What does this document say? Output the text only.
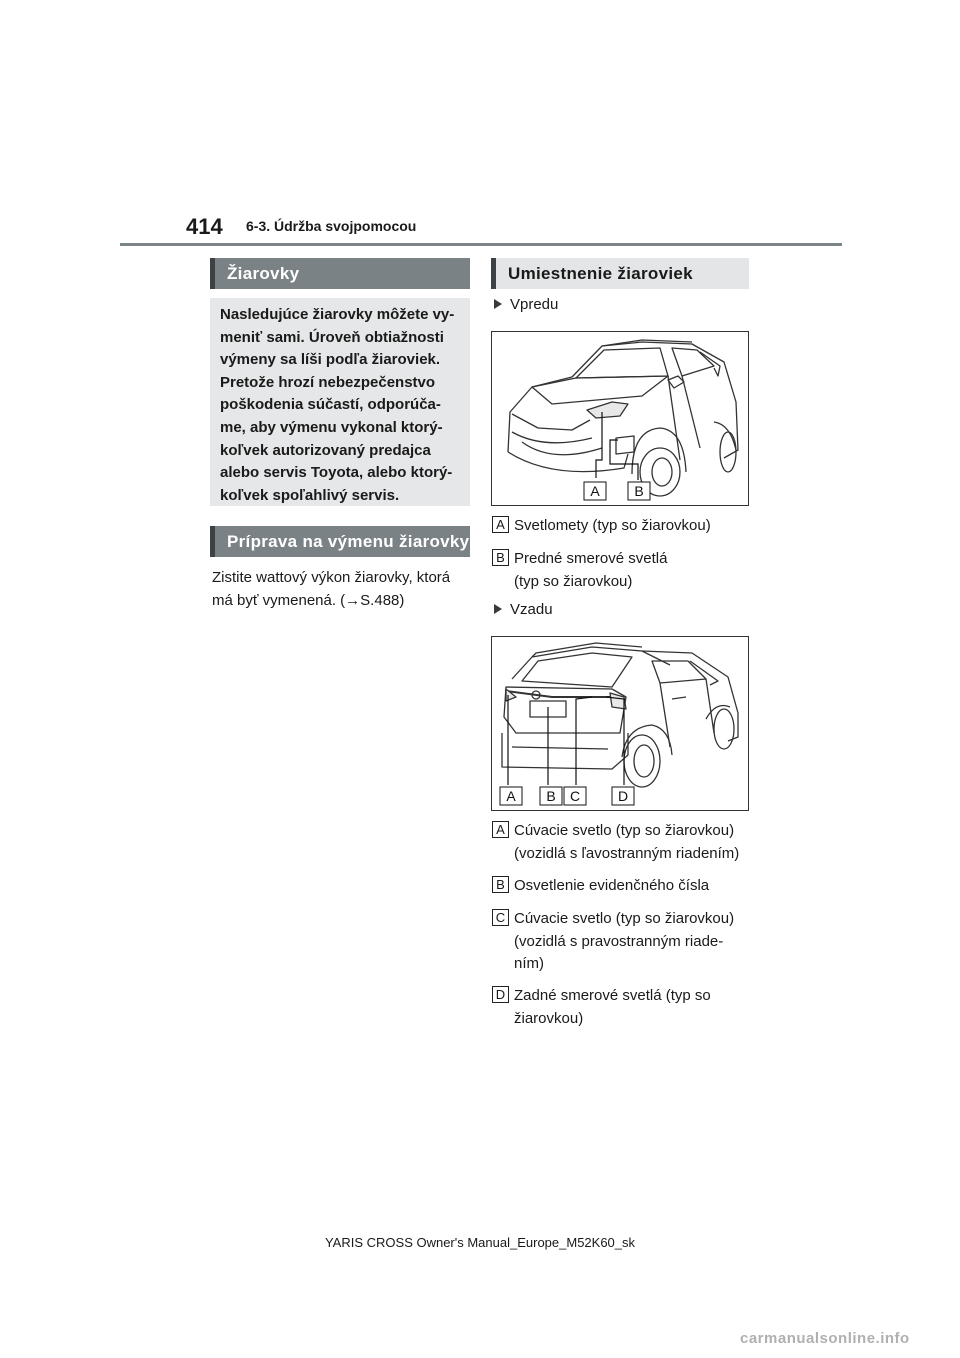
414 6-3. Údržba svojpomocou
Žiarovky
Nasledujúce žiarovky môžete vy-
meniť sami. Úroveň obtiažnosti
výmeny sa líši podľa žiaroviek.
Pretože hrozí nebezpečenstvo
poškodenia súčastí, odporúča-
me, aby výmenu vykonal ktorý-
koľvek autorizovaný predajca
alebo servis Toyota, alebo ktorý-
koľvek spoľahlivý servis.
Príprava na výmenu žiarovky
Zistite wattový výkon žiarovky, ktorá
má byť vymenená. (→S.488)
Umiestnenie žiaroviek
Vpredu
A B
A Svetlomety (typ so žiarovkou)
B Predné smerové svetlá
(typ so žiarovkou)
Vzadu
A B C	D
A Cúvacie svetlo (typ so žiarovkou)
(vozidlá s ľavostranným riadením)
B Osvetlenie evidenčného čísla
C Cúvacie svetlo (typ so žiarovkou)
(vozidlá s pravostranným riade-
ním)
D Zadné smerové svetlá (typ so
žiarovkou)
YARIS CROSS Owner's Manual_Europe_M52K60_sk
carmanualsonline.info
